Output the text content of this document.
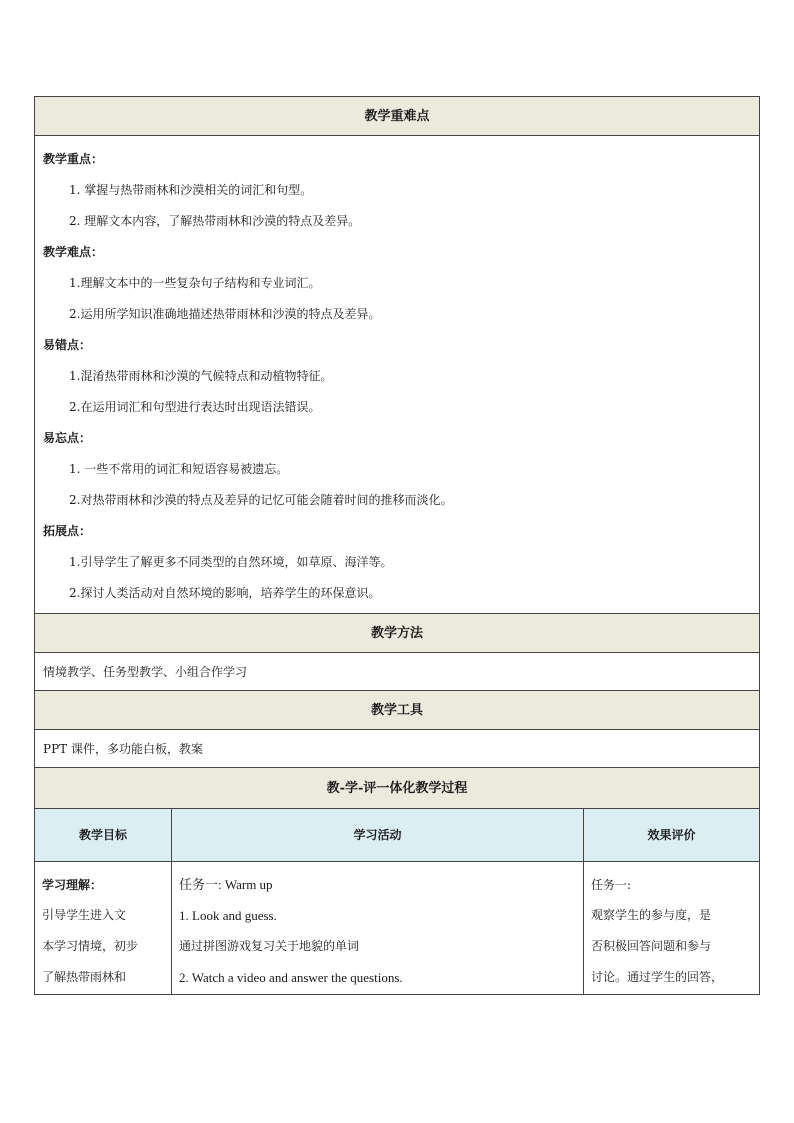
教学重难点
教学重点：
1. 掌握与热带雨林和沙漠相关的词汇和句型。
2. 理解文本内容，了解热带雨林和沙漠的特点及差异。
教学难点：
1.理解文本中的一些复杂句子结构和专业词汇。
2.运用所学知识准确地描述热带雨林和沙漠的特点及差异。
易错点：
1.混淆热带雨林和沙漠的气候特点和动植物特征。
2.在运用词汇和句型进行表达时出现语法错误。
易忘点：
1. 一些不常用的词汇和短语容易被遗忘。
2.对热带雨林和沙漠的特点及差异的记忆可能会随着时间的推移而淡化。
拓展点：
1.引导学生了解更多不同类型的自然环境，如草原、海洋等。
2.探讨人类活动对自然环境的影响，培养学生的环保意识。
教学方法
情境教学、任务型教学、小组合作学习
教学工具
PPT 课件，多功能白板，教案
教-学-评一体化教学过程
教学目标	学习活动	效果评价
学习理解：
引导学生进入文
本学习情境，初步
了解热带雨林和
任务一: Warm up
1. Look and guess.
通过拼图游戏复习关于地貌的单词
2. Watch a video and answer the questions.
任务一:
观察学生的参与度，是
否积极回答问题和参与
讨论。通过学生的回答，
